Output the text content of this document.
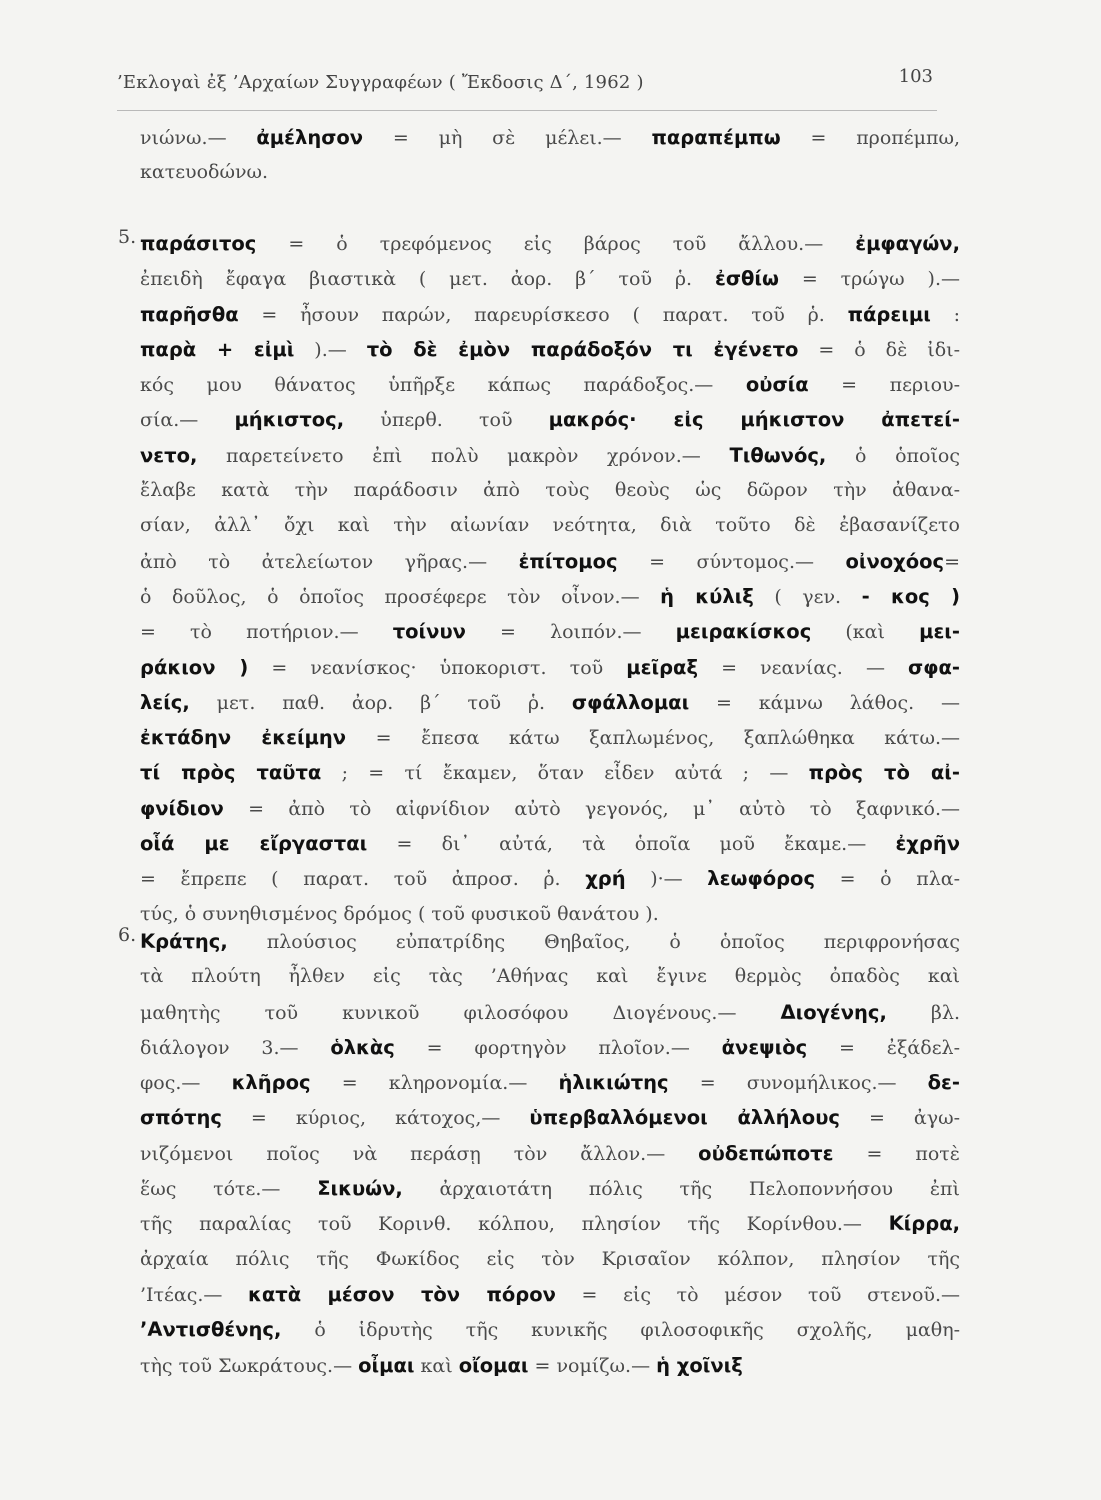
’Εκλογαὶ ἐξ ’Αρχαίων Συγγραφέων ( Ἔκδοσις Δ΄, 1962 )	103
νιώνω.— ἀμέλησον = μὴ σὲ μέλει.— παραπέμπω = προπέμπω,
κατευοδώνω.
5. παράσιτος = ὁ τρεφόμενος εἰς βάρος τοῦ ἄλλου.— ἐμφαγών,
ἐπειδὴ ἔφαγα βιαστικὰ ( μετ. ἀορ. β΄ τοῦ ῥ. ἐσθίω = τρώγω ).—
παρῆσθα = ἦσουν παρών, παρευρίσκεσο ( παρατ. τοῦ ῥ. πάρειμι :
παρὰ + εἰμὶ ).— τὸ δὲ ἐμὸν παράδοξόν τι ἐγένετο = ὁ δὲ ἰδι-
κός μου θάνατος ὑπῆρξε κάπως παράδοξος.— οὐσία = περιου-
σία.— μήκιστος, ὑπερθ. τοῦ μακρός· εἰς μήκιστον ἀπετεί-
νετο, παρετείνετο ἐπὶ πολὺ μακρὸν χρόνον.— Τιθωνός, ὁ ὁποῖος
ἔλαβε κατὰ τὴν παράδοσιν ἀπὸ τοὺς θεοὺς ὡς δῶρον τὴν ἀθανα-
σίαν, ἀλλ᾽ ὄχι καὶ τὴν αἰωνίαν νεότητα, διὰ τοῦτο δὲ ἐβασανίζετο
ἀπὸ τὸ ἀτελείωτον γῆρας.— ἐπίτομος = σύντομος.— οἰνοχόος=
ὁ δοῦλος, ὁ ὁποῖος προσέφερε τὸν οἶνον.— ἡ κύλιξ ( γεν. - κος )
= τὸ ποτήριον.— τοίνυν = λοιπόν.— μειρακίσκος (καὶ μει-
ράκιον ) = νεανίσκος· ὑποκοριστ. τοῦ μεῖραξ = νεανίας. — σφα-
λείς, μετ. παθ. ἀορ. β΄ τοῦ ῥ. σφάλλομαι = κάμνω λάθος. —
ἐκτάδην ἐκείμην = ἔπεσα κάτω ξαπλωμένος, ξαπλώθηκα κάτω.—
τί πρὸς ταῦτα ; = τί ἔκαμεν, ὅταν εἶδεν αὐτά ; — πρὸς τὸ αἰ-
φνίδιον = ἀπὸ τὸ αἰφνίδιον αὐτὸ γεγονός, μ᾽ αὐτὸ τὸ ξαφνικό.—
οἷά με εἴργασται = δι᾽ αὐτά, τὰ ὁποῖα μοῦ ἔκαμε.— ἐχρῆν
= ἔπρεπε ( παρατ. τοῦ ἀπροσ. ῥ. χρή )·— λεωφόρος = ὁ πλα-
τύς, ὁ συνηθισμένος δρόμος ( τοῦ φυσικοῦ θανάτου ).
6. Κράτης, πλούσιος εὐπατρίδης Θηβαῖος, ὁ ὁποῖος περιφρονήσας
τὰ πλούτη ἦλθεν εἰς τὰς ’Αθήνας καὶ ἔγινε θερμὸς ὀπαδὸς καὶ
μαθητὴς τοῦ κυνικοῦ φιλοσόφου Διογένους.— Διογένης, βλ.
διάλογον 3.— ὁλκὰς = φορτηγὸν πλοῖον.— ἀνεψιὸς = ἐξάδελ-
φος.— κλῆρος = κληρονομία.— ἡλικιώτης = συνομήλικος.— δε-
σπότης = κύριος, κάτοχος,— ὑπερβαλλόμενοι ἀλλήλους = ἀγω-
νιζόμενοι ποῖος νὰ περάσῃ τὸν ἄλλον.— οὐδεπώποτε = ποτὲ
ἕως τότε.— Σικυών, ἀρχαιοτάτη πόλις τῆς Πελοποννήσου ἐπὶ
τῆς παραλίας τοῦ Κορινθ. κόλπου, πλησίον τῆς Κορίνθου.— Κίρρα,
ἀρχαία πόλις τῆς Φωκίδος εἰς τὸν Κρισαῖον κόλπον, πλησίον τῆς
’Ιτέας.— κατὰ μέσον τὸν πόρον = εἰς τὸ μέσον τοῦ στενοῦ.—
’Αντισθένης, ὁ ἱδρυτὴς τῆς κυνικῆς φιλοσοφικῆς σχολῆς, μαθη-
τὴς τοῦ Σωκράτους.— οἶμαι καὶ οἴομαι = νομίζω.— ἡ χοῖνιξ
